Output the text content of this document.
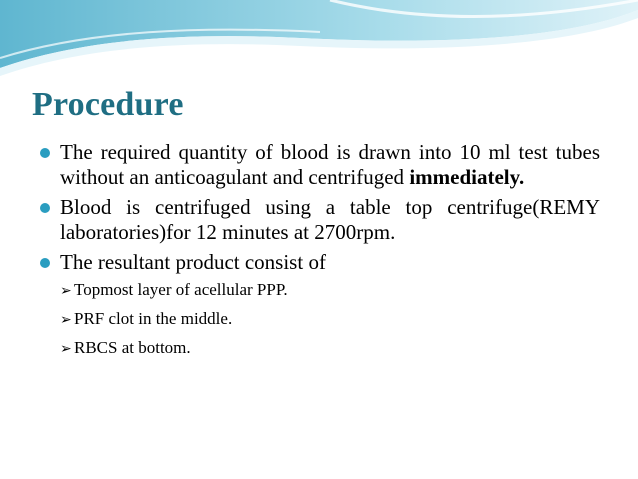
Procedure
The required quantity of blood is drawn into 10 ml test tubes without an anticoagulant and centrifuged immediately.
Blood is centrifuged using a table top centrifuge(REMY laboratories)for 12 minutes at 2700rpm.
The resultant product consist of
➢ Topmost layer of acellular PPP.
➢ PRF clot in the middle.
➢ RBCS at bottom.
